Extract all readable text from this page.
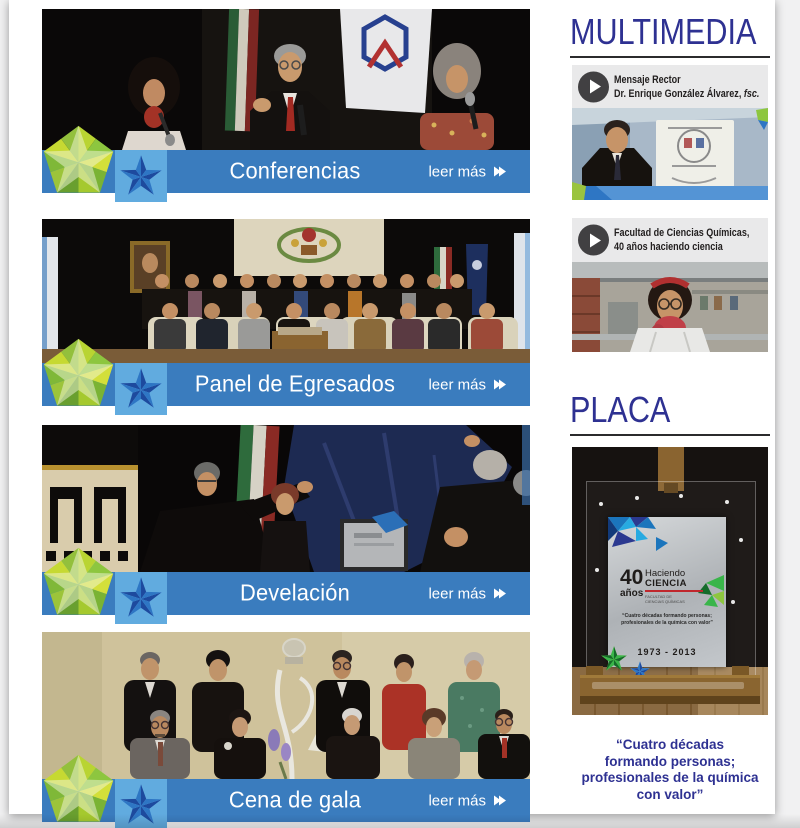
Conferencias	leer más
Panel de Egresados	leer más
Develación	leer más
Cena de gala	leer más
MULTIMEDIA
Mensaje Rector
Dr. Enrique González Álvarez, fsc.
Facultad de Ciencias Químicas,
40 años haciendo ciencia
PLACA
40
años
Haciendo
CIENCIA
FACULTAD DE
CIENCIAS QUÍMICAS
“Cuatro décadas formando personas; profesionales de la química con valor”
1973 - 2013
“Cuatro décadas
formando personas;
profesionales de la química
con valor”
